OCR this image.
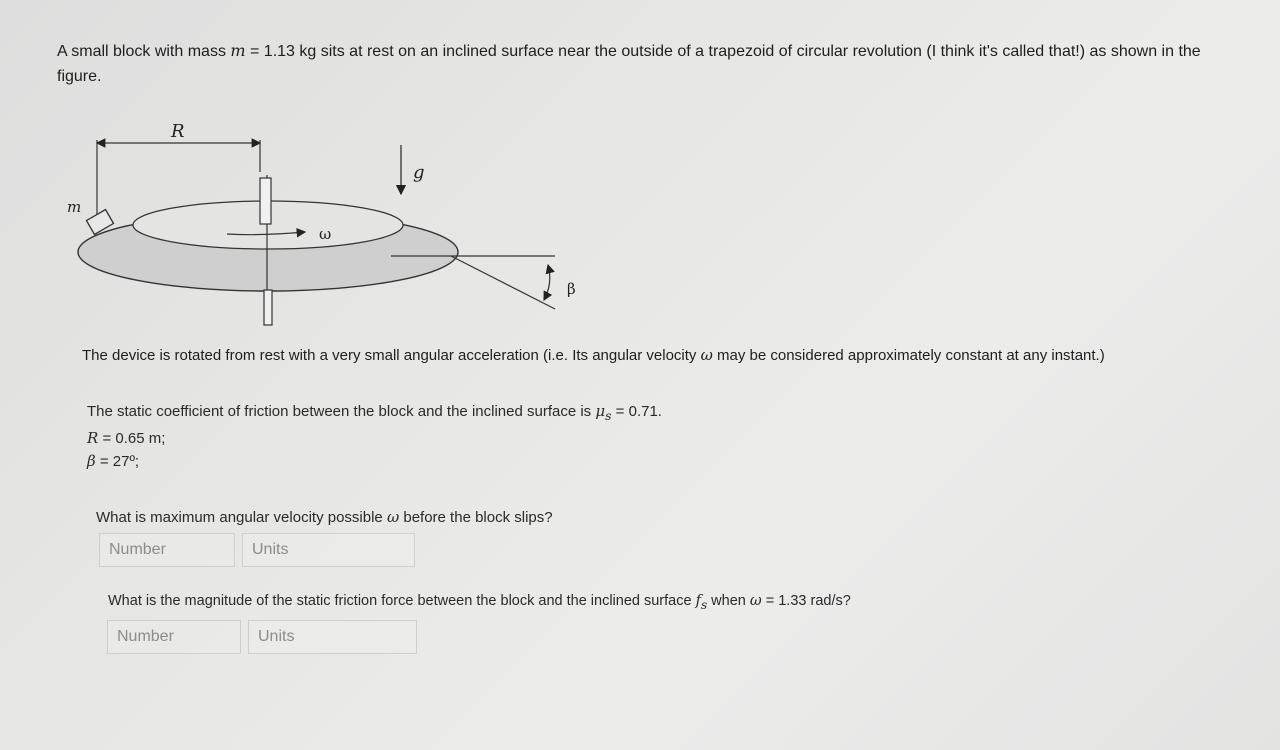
A small block with mass m = 1.13 kg sits at rest on an inclined surface near the outside of a trapezoid of circular revolution (I think it's called that!) as shown in the figure.
R
m
ω
g
β
The device is rotated from rest with a very small angular acceleration (i.e. Its angular velocity ω may be considered approximately constant at any instant.)
The static coefficient of friction between the block and the inclined surface is $\mu_s = 0.71$.
R = 0.65 m;
β = 27º;
What is maximum angular velocity possible ω before the block slips?
Number	Units
What is the magnitude of the static friction force between the block and the inclined surface $f_s$ when ω = 1.33 rad/s?
Number	Units
